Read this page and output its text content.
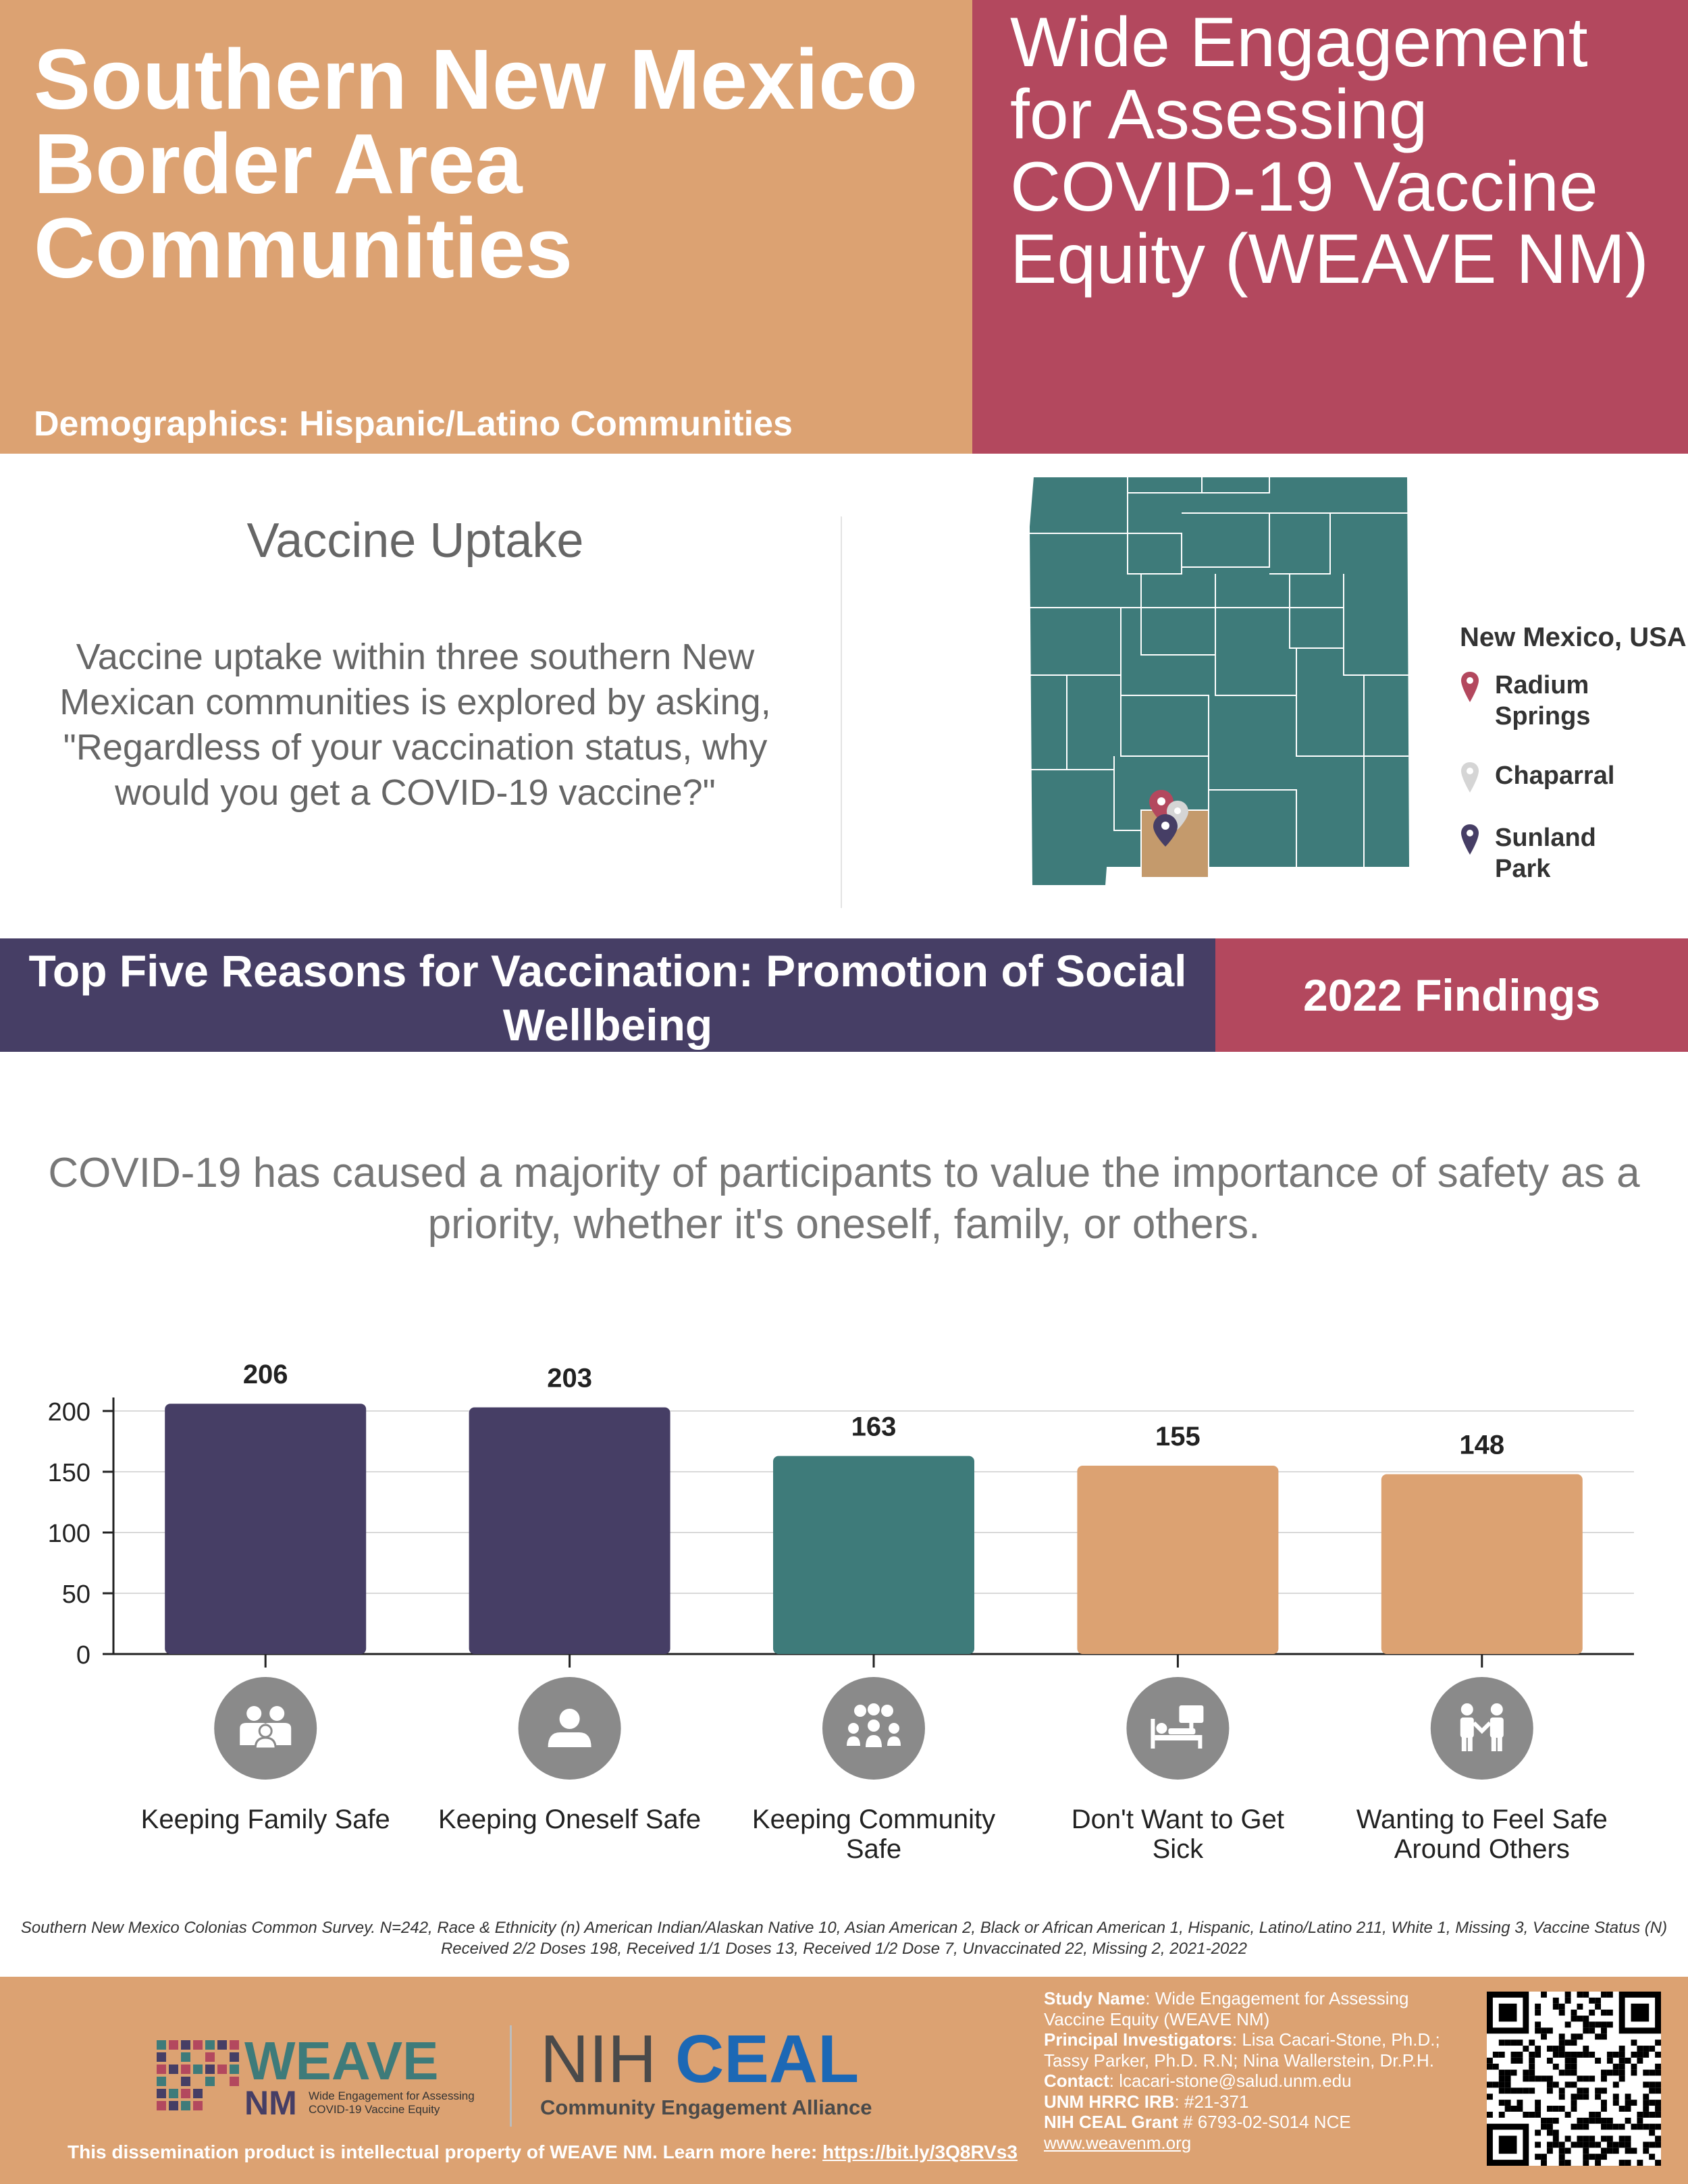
Southern New Mexico Border Area Communities
Demographics: Hispanic/Latino Communities
Wide Engagement for Assessing COVID-19 Vaccine Equity (WEAVE NM)
Vaccine Uptake
Vaccine uptake within three southern New Mexican communities is explored by asking, "Regardless of your vaccination status, why would you get a COVID-19 vaccine?"
New Mexico, USA
Radium Springs
Chaparral
Sunland Park
Top Five Reasons for Vaccination: Promotion of Social Wellbeing
2022 Findings
COVID-19 has caused a majority of participants to value the importance of safety as a priority, whether it's oneself, family, or others.
0
50
100
150
200
206
Keeping Family Safe
203
Keeping Oneself Safe
163
Keeping Community Safe
155
Don't Want to Get Sick
148
Wanting to Feel Safe Around Others
Southern New Mexico Colonias Common Survey. N=242, Race & Ethnicity (n) American Indian/Alaskan Native 10, Asian American 2, Black or African American 1, Hispanic, Latino/Latino 211, White 1, Missing 3, Vaccine Status (N) Received 2/2 Doses 198, Received 1/1 Doses 13, Received 1/2 Dose 7, Unvaccinated 22, Missing 2, 2021-2022
WEAVE
NM Wide Engagement for Assessing
COVID-19 Vaccine Equity
NIH CEAL
Community Engagement Alliance
This dissemination product is intellectual property of WEAVE NM. Learn more here: https://bit.ly/3Q8RVs3
Study Name: Wide Engagement for Assessing Vaccine Equity (WEAVE NM)
Principal Investigators: Lisa Cacari-Stone, Ph.D.; Tassy Parker, Ph.D. R.N; Nina Wallerstein, Dr.P.H.
Contact: lcacari-stone@salud.unm.edu
UNM HRRC IRB: #21-371
NIH CEAL Grant # 6793-02-S014 NCE
www.weavenm.org
